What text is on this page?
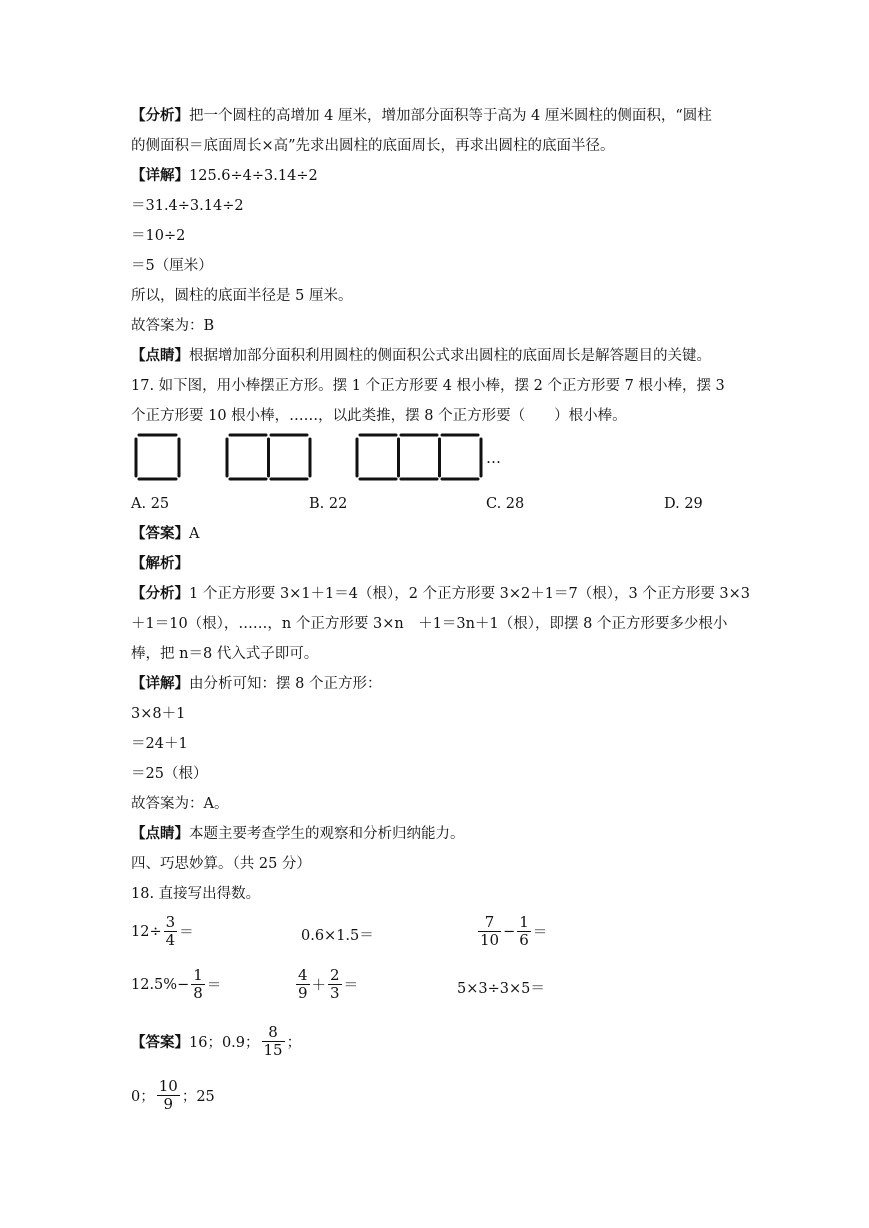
【分析】把一个圆柱的高增加 4 厘米，增加部分面积等于高为 4 厘米圆柱的侧面积，“圆柱
的侧面积＝底面周长×高”先求出圆柱的底面周长，再求出圆柱的底面半径。
【详解】125.6÷4÷3.14÷2
＝31.4÷3.14÷2
＝10÷2
＝5（厘米）
所以，圆柱的底面半径是 5 厘米。
故答案为：B
【点睛】根据增加部分面积利用圆柱的侧面积公式求出圆柱的底面周长是解答题目的关键。
17. 如下图，用小棒摆正方形。摆 1 个正方形要 4 根小棒，摆 2 个正方形要 7 根小棒，摆 3
个正方形要 10 根小棒，……，以此类推，摆 8 个正方形要（　　）根小棒。
…
A. 25	B. 22	C. 28	D. 29
【答案】A
【解析】
【分析】1 个正方形要 3×1＋1＝4（根），2 个正方形要 3×2＋1＝7（根），3 个正方形要 3×3
＋1＝10（根），……，n 个正方形要 3×n　＋1＝3n＋1（根），即摆 8 个正方形要多少根小
棒，把 n＝8 代入式子即可。
【详解】由分析可知：摆 8 个正方形：
3×8＋1
＝24＋1
＝25（根）
故答案为：A。
【点睛】本题主要考查学生的观察和分析归纳能力。
四、巧思妙算。（共 25 分）
18. 直接写出得数。
$12\div \frac{3}{4}$ ＝	0.6×1.5＝	$\frac{7}{10} - \frac{1}{6}$ ＝
$12.5\%- \frac{1}{8}$ ＝	$\frac{4}{9} + \frac{2}{3}$ ＝	5×3÷3×5＝
【答案】 16；0.9； $\frac{8}{15}$ ；
0； $\frac{10}{9}$ ；25
